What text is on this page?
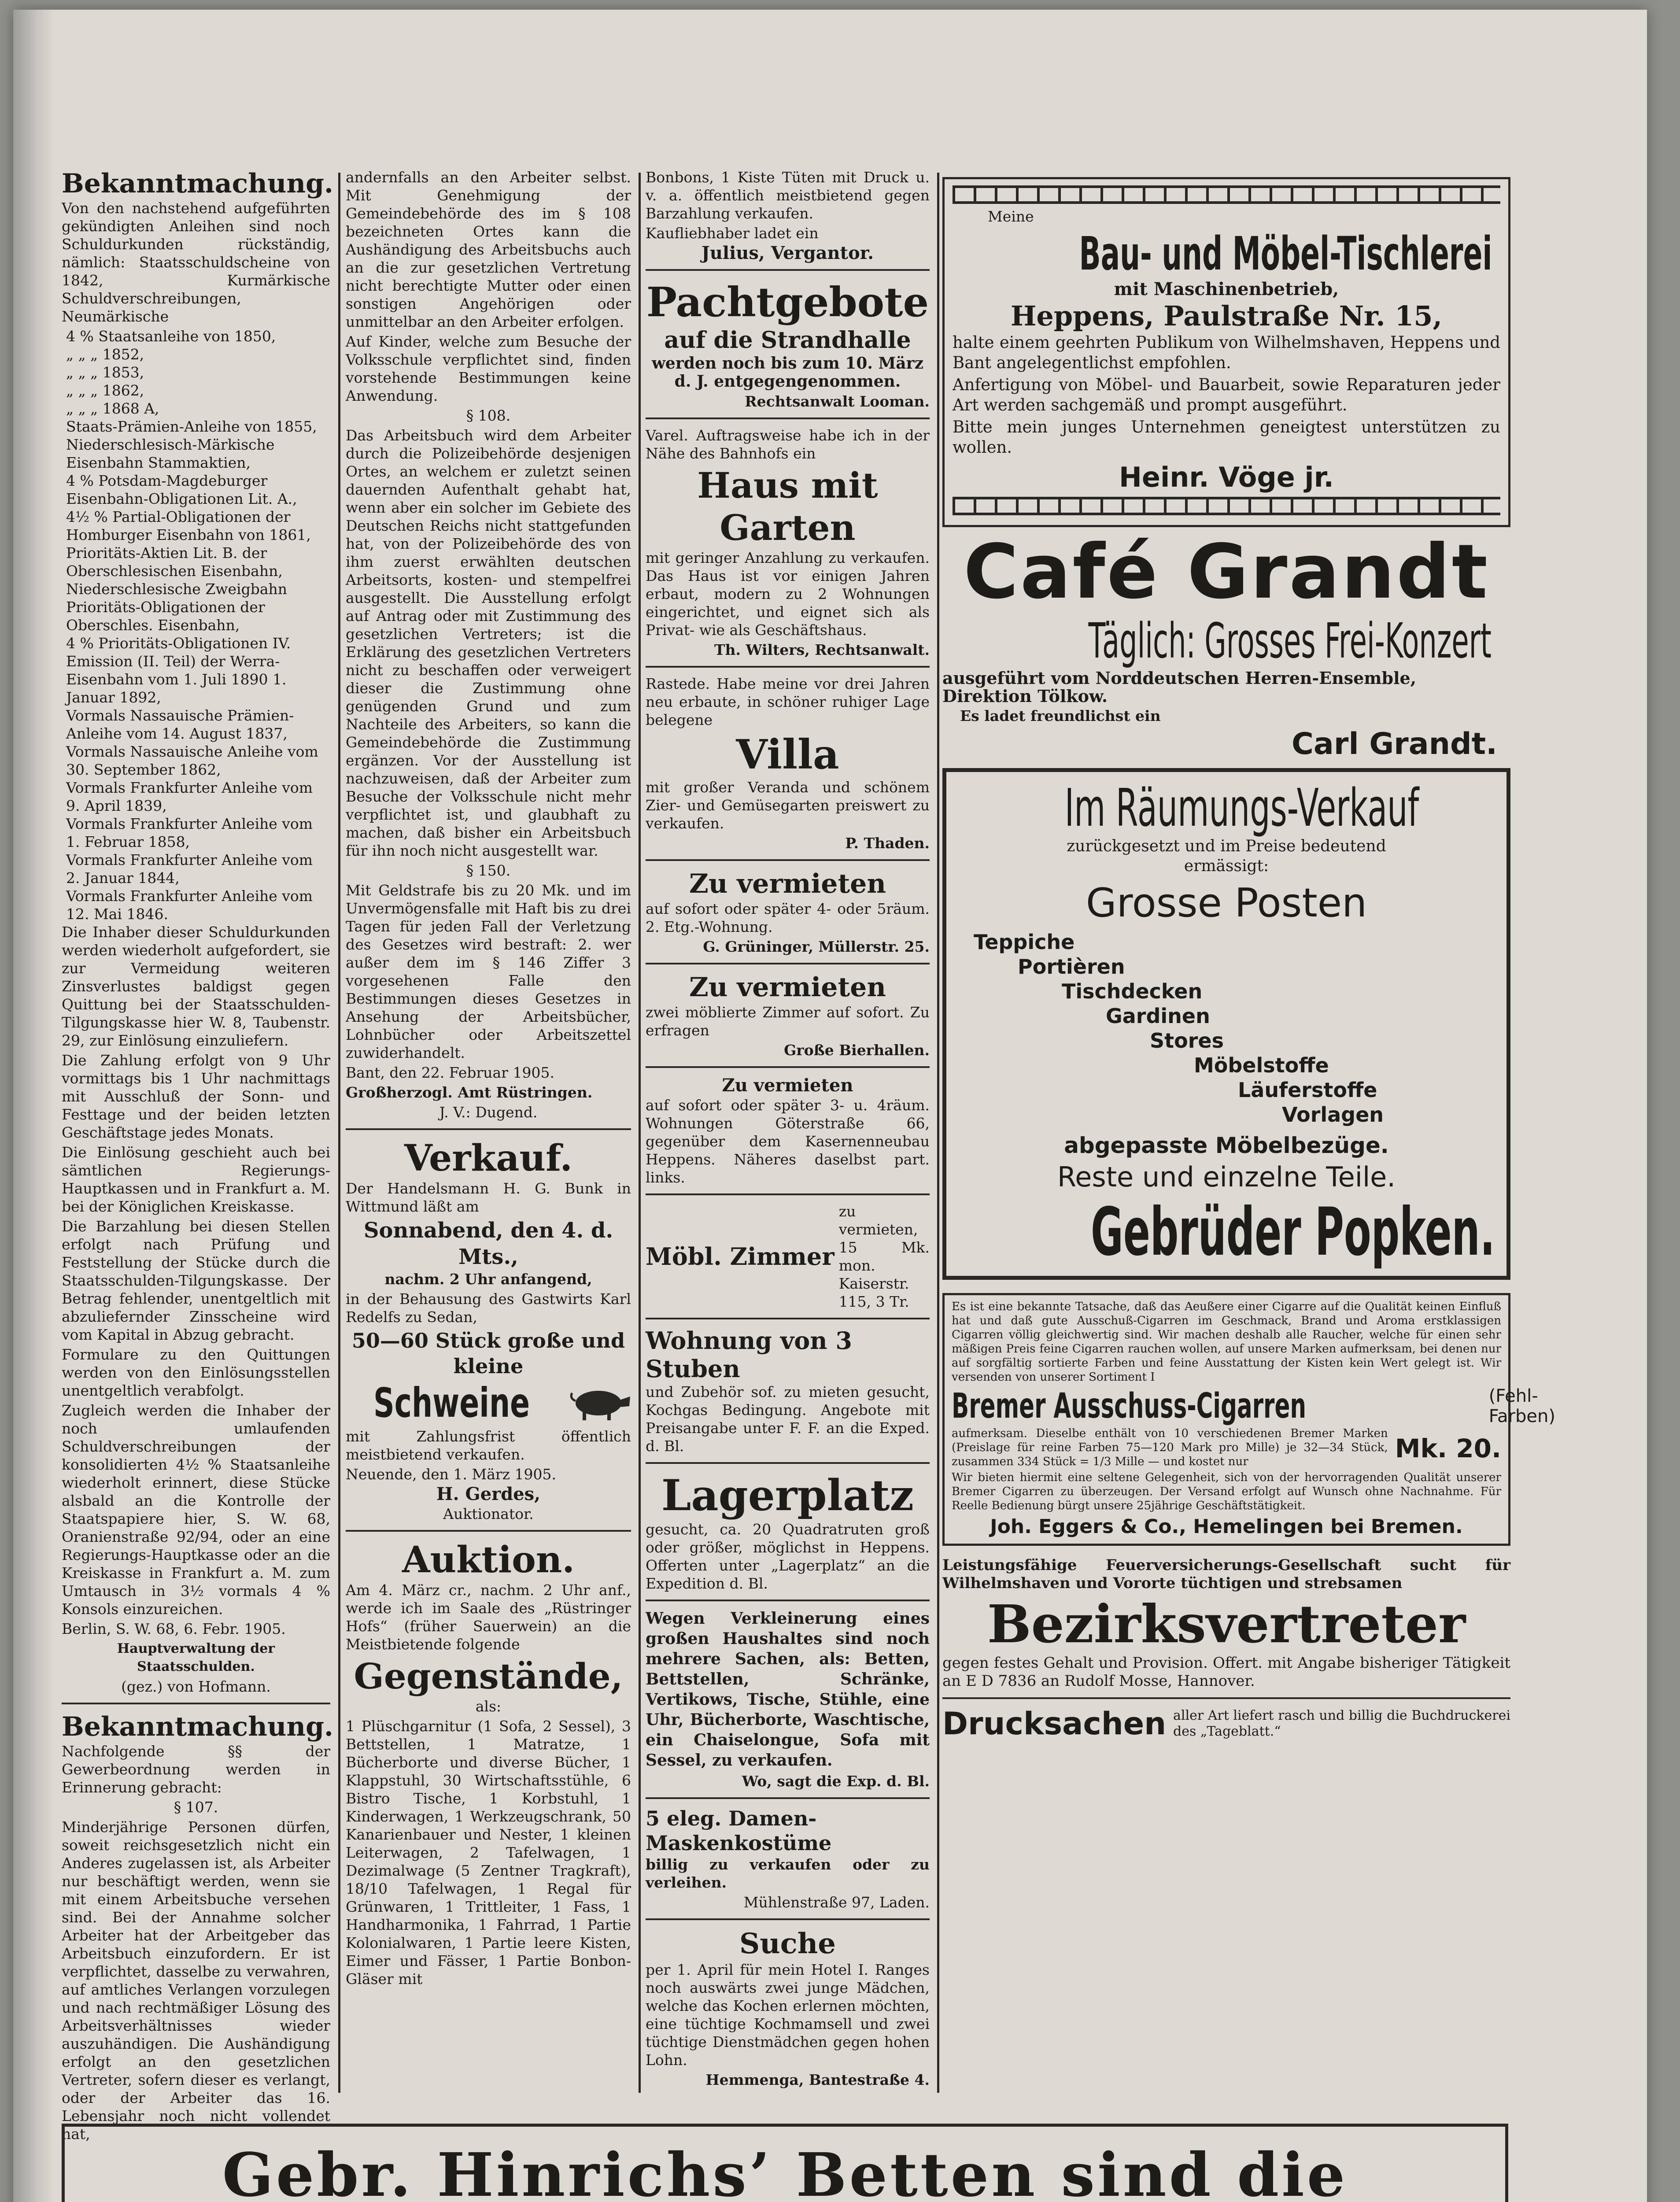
Bekanntmachung.

Von den nachstehend aufgeführten gekündigten Anleihen sind noch Schuldurkunden rückständig, nämlich: Staatsschuldscheine von 1842, Kurmärkische Schuldverschreibungen, Neumärkische

4 % Staatsanleihe von 1850,

„ „ „ 1852,

„ „ „ 1853,

„ „ „ 1862,

„ „ „ 1868 A,

Staats-Prämien-Anleihe von 1855,

Niederschlesisch-Märkische Eisenbahn Stammaktien,

4 % Potsdam-Magdeburger Eisenbahn-Obligationen Lit. A.,

4½ % Partial-Obligationen der Homburger Eisenbahn von 1861,

Prioritäts-Aktien Lit. B. der Oberschlesischen Eisenbahn,

Niederschlesische Zweigbahn Prioritäts-Obligationen der Oberschles. Eisenbahn,

4 % Prioritäts-Obligationen IV. Emission (II. Teil) der Werra-Eisenbahn vom 1. Juli 1890 1. Januar 1892,

Vormals Nassauische Prämien-Anleihe vom 14. August 1837,

Vormals Nassauische Anleihe vom 30. September 1862,

Vormals Frankfurter Anleihe vom 9. April 1839,

Vormals Frankfurter Anleihe vom 1. Februar 1858,

Vormals Frankfurter Anleihe vom 2. Januar 1844,

Vormals Frankfurter Anleihe vom 12. Mai 1846.

Die Inhaber dieser Schuldurkunden werden wiederholt aufgefordert, sie zur Vermeidung weiteren Zinsverlustes baldigst gegen Quittung bei der Staatsschulden-Tilgungskasse hier W. 8, Taubenstr. 29, zur Einlösung einzuliefern.

Die Zahlung erfolgt von 9 Uhr vormittags bis 1 Uhr nachmittags mit Ausschluß der Sonn- und Festtage und der beiden letzten Geschäftstage jedes Monats.

Die Einlösung geschieht auch bei sämtlichen Regierungs-Hauptkassen und in Frankfurt a. M. bei der Königlichen Kreiskasse.

Die Barzahlung bei diesen Stellen erfolgt nach Prüfung und Feststellung der Stücke durch die Staatsschulden-Tilgungskasse. Der Betrag fehlender, unentgeltlich mit abzuliefernder Zinsscheine wird vom Kapital in Abzug gebracht.

Formulare zu den Quittungen werden von den Einlösungsstellen unentgeltlich verabfolgt.

Zugleich werden die Inhaber der noch umlaufenden Schuldverschreibungen der konsolidierten 4½ % Staatsanleihe wiederholt erinnert, diese Stücke alsbald an die Kontrolle der Staatspapiere hier, S. W. 68, Oranienstraße 92/94, oder an eine Regierungs-Hauptkasse oder an die Kreiskasse in Frankfurt a. M. zum Umtausch in 3½ vormals 4 % Konsols einzureichen.

Berlin, S. W. 68, 6. Febr. 1905.

Hauptverwaltung der Staatsschulden.

(gez.) von Hofmann.

Bekanntmachung.

Nachfolgende §§ der Gewerbeordnung werden in Erinnerung gebracht:

§ 107.

Minderjährige Personen dürfen, soweit reichsgesetzlich nicht ein Anderes zugelassen ist, als Arbeiter nur beschäftigt werden, wenn sie mit einem Arbeitsbuche versehen sind. Bei der Annahme solcher Arbeiter hat der Arbeitgeber das Arbeitsbuch einzufordern. Er ist verpflichtet, dasselbe zu verwahren, auf amtliches Verlangen vorzulegen und nach rechtmäßiger Lösung des Arbeitsverhältnisses wieder auszuhändigen. Die Aushändigung erfolgt an den gesetzlichen Vertreter, sofern dieser es verlangt, oder der Arbeiter das 16. Lebensjahr noch nicht vollendet hat,

andernfalls an den Arbeiter selbst. Mit Genehmigung der Gemeindebehörde des im § 108 bezeichneten Ortes kann die Aushändigung des Arbeitsbuchs auch an die zur gesetzlichen Vertretung nicht berechtigte Mutter oder einen sonstigen Angehörigen oder unmittelbar an den Arbeiter erfolgen.

Auf Kinder, welche zum Besuche der Volksschule verpflichtet sind, finden vorstehende Bestimmungen keine Anwendung.

§ 108.

Das Arbeitsbuch wird dem Arbeiter durch die Polizeibehörde desjenigen Ortes, an welchem er zuletzt seinen dauernden Aufenthalt gehabt hat, wenn aber ein solcher im Gebiete des Deutschen Reichs nicht stattgefunden hat, von der Polizeibehörde des von ihm zuerst erwählten deutschen Arbeitsorts, kosten- und stempelfrei ausgestellt. Die Ausstellung erfolgt auf Antrag oder mit Zustimmung des gesetzlichen Vertreters; ist die Erklärung des gesetzlichen Vertreters nicht zu beschaffen oder verweigert dieser die Zustimmung ohne genügenden Grund und zum Nachteile des Arbeiters, so kann die Gemeindebehörde die Zustimmung ergänzen. Vor der Ausstellung ist nachzuweisen, daß der Arbeiter zum Besuche der Volksschule nicht mehr verpflichtet ist, und glaubhaft zu machen, daß bisher ein Arbeitsbuch für ihn noch nicht ausgestellt war.

§ 150.

Mit Geldstrafe bis zu 20 Mk. und im Unvermögensfalle mit Haft bis zu drei Tagen für jeden Fall der Verletzung des Gesetzes wird bestraft: 2. wer außer dem im § 146 Ziffer 3 vorgesehenen Falle den Bestimmungen dieses Gesetzes in Ansehung der Arbeitsbücher, Lohnbücher oder Arbeitszettel zuwiderhandelt.

Bant, den 22. Februar 1905.

Großherzogl. Amt Rüstringen.

J. V.: Dugend.

Verkauf.

Der Handelsmann H. G. Bunk in Wittmund läßt am

Sonnabend, den 4. d. Mts.,

nachm. 2 Uhr anfangend,

in der Behausung des Gastwirts Karl Redelfs zu Sedan,

50—60 Stück große und kleine
Schweine

mit Zahlungsfrist öffentlich meistbietend verkaufen.

Neuende, den 1. März 1905.

H. Gerdes,

Auktionator.

Auktion.

Am 4. März cr., nachm. 2 Uhr anf., werde ich im Saale des „Rüstringer Hofs“ (früher Sauerwein) an die Meistbietende folgende

Gegenstände,

als:

1 Plüschgarnitur (1 Sofa, 2 Sessel), 3 Bettstellen, 1 Matratze, 1 Bücherborte und diverse Bücher, 1 Klappstuhl, 30 Wirtschaftsstühle, 6 Bistro Tische, 1 Korbstuhl, 1 Kinderwagen, 1 Werkzeugschrank, 50 Kanarienbauer und Nester, 1 kleinen Leiterwagen, 2 Tafelwagen, 1 Dezimalwage (5 Zentner Tragkraft), 18/10 Tafelwagen, 1 Regal für Grünwaren, 1 Trittleiter, 1 Fass, 1 Handharmonika, 1 Fahrrad, 1 Partie Kolonialwaren, 1 Partie leere Kisten, Eimer und Fässer, 1 Partie Bonbon-Gläser mit

Bonbons, 1 Kiste Tüten mit Druck u. v. a. öffentlich meistbietend gegen Barzahlung verkaufen.

Kaufliebhaber ladet ein

Julius, Vergantor.

Pachtgebote
auf die Strandhalle

werden noch bis zum 10. März d. J. entgegengenommen.

Rechtsanwalt Looman.

Varel. Auftragsweise habe ich in der Nähe des Bahnhofs ein

Haus mit Garten

mit geringer Anzahlung zu verkaufen. Das Haus ist vor einigen Jahren erbaut, modern zu 2 Wohnungen eingerichtet, und eignet sich als Privat- wie als Geschäftshaus.

Th. Wilters, Rechtsanwalt.

Rastede. Habe meine vor drei Jahren neu erbaute, in schöner ruhiger Lage belegene

Villa

mit großer Veranda und schönem Zier- und Gemüsegarten preiswert zu verkaufen.

P. Thaden.

Zu vermieten

auf sofort oder später 4- oder 5räum. 2. Etg.-Wohnung.

G. Grüninger, Müllerstr. 25.

Zu vermieten

zwei möblierte Zimmer auf sofort. Zu erfragen

Große Bierhallen.

Zu vermieten

auf sofort oder später 3- u. 4räum. Wohnungen Göterstraße 66, gegenüber dem Kasernenneubau Heppens. Näheres daselbst part. links.

Möbl. Zimmer
zu vermieten, 15 Mk. mon. Kaiserstr. 115, 3 Tr.
Wohnung von 3 Stuben

und Zubehör sof. zu mieten gesucht, Kochgas Bedingung. Angebote mit Preisangabe unter F. F. an die Exped. d. Bl.

Lagerplatz

gesucht, ca. 20 Quadratruten groß oder größer, möglichst in Heppens. Offerten unter „Lagerplatz“ an die Expedition d. Bl.

Wegen Verkleinerung eines großen Haushaltes sind noch mehrere Sachen, als: Betten, Bettstellen, Schränke, Vertikows, Tische, Stühle, eine Uhr, Bücherborte, Waschtische, ein Chaiselongue, Sofa mit Sessel, zu verkaufen.

Wo, sagt die Exp. d. Bl.

5 eleg. Damen-Maskenkostüme

billig zu verkaufen oder zu verleihen.

Mühlenstraße 97, Laden.

Suche

per 1. April für mein Hotel I. Ranges noch auswärts zwei junge Mädchen, welche das Kochen erlernen möchten, eine tüchtige Kochmamsell und zwei tüchtige Dienstmädchen gegen hohen Lohn.

Hemmenga, Bantestraße 4.

Meine

Bau- und Möbel-Tischlerei

mit Maschinenbetrieb,

Heppens, Paulstraße Nr. 15,

halte einem geehrten Publikum von Wilhelmshaven, Heppens und Bant angelegentlichst empfohlen.

Anfertigung von Möbel- und Bauarbeit, sowie Reparaturen jeder Art werden sachgemäß und prompt ausgeführt.

Bitte mein junges Unternehmen geneigtest unterstützen zu wollen.

Heinr. Vöge jr.

Café Grandt
Täglich: Grosses Frei-Konzert

ausgeführt vom Norddeutschen Herren-Ensemble, Direktion Tölkow.

Es ladet freundlichst ein

Carl Grandt.
Im Räumungs-Verkauf

zurückgesetzt und im Preise bedeutend

ermässigt:

Grosse Posten
Teppiche
Portièren
Tischdecken
Gardinen
Stores
Möbelstoffe
Läuferstoffe
Vorlagen
abgepasste Möbelbezüge.
Reste und einzelne Teile.
Gebrüder Popken.

Es ist eine bekannte Tatsache, daß das Aeußere einer Cigarre auf die Qualität keinen Einfluß hat und daß gute Ausschuß-Cigarren im Geschmack, Brand und Aroma erstklassigen Cigarren völlig gleichwertig sind. Wir machen deshalb alle Raucher, welche für einen sehr mäßigen Preis feine Cigarren rauchen wollen, auf unsere Marken aufmerksam, bei denen nur auf sorgfältig sortierte Farben und feine Ausstattung der Kisten kein Wert gelegt ist. Wir versenden von unserer Sortiment I

Bremer Ausschuss-Cigarren	(Fehl-Farben)

aufmerksam. Dieselbe enthält von 10 verschiedenen Bremer Marken (Preislage für reine Farben 75—120 Mark pro Mille) je 32—34 Stück, zusammen 334 Stück = 1/3 Mille — und kostet nur	Mk. 20.

Wir bieten hiermit eine seltene Gelegenheit, sich von der hervorragenden Qualität unserer Bremer Cigarren zu überzeugen. Der Versand erfolgt auf Wunsch ohne Nachnahme. Für Reelle Bedienung bürgt unsere 25jährige Geschäftstätigkeit.

Joh. Eggers & Co., Hemelingen bei Bremen.

Leistungsfähige Feuerversicherungs-Gesellschaft sucht für Wilhelmshaven und Vororte tüchtigen und strebsamen

Bezirksvertreter

gegen festes Gehalt und Provision. Offert. mit Angabe bisheriger Tätigkeit an E D 7836 an Rudolf Mosse, Hannover.

Drucksachen aller Art liefert rasch und billig die Buchdruckerei des „Tageblatt.“
Gebr. Hinrichs’ Betten sind die
